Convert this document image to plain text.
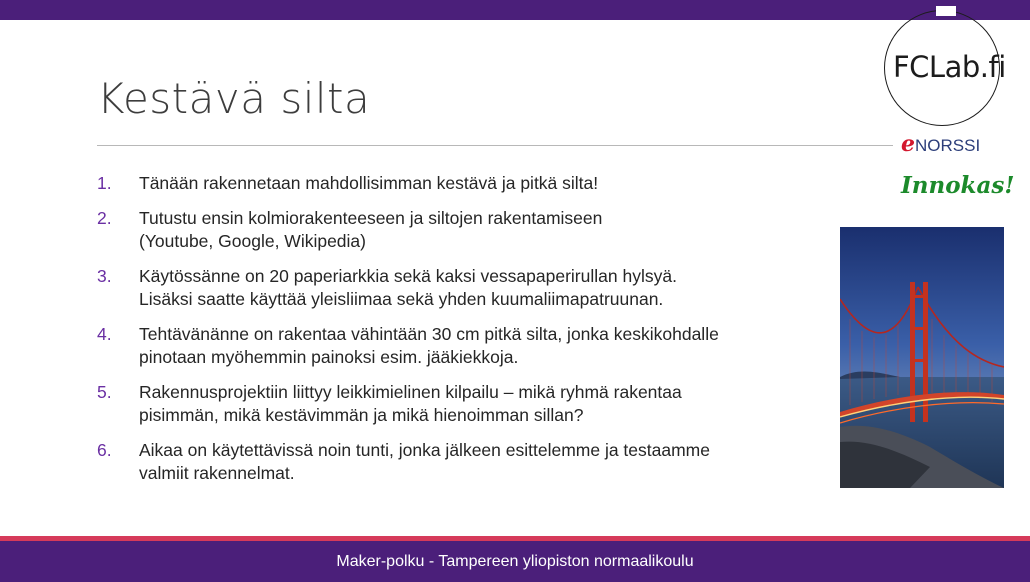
Kestävä silta
FCLab.fi
eNORSSI
Innokas!
1. Tänään rakennetaan mahdollisimman kestävä ja pitkä silta!
2. Tutustu ensin kolmiorakenteeseen ja siltojen rakentamiseen
(Youtube, Google, Wikipedia)
3. Käytössänne on 20 paperiarkkia sekä kaksi vessapaperirullan hylsyä.
Lisäksi saatte käyttää yleisliimaa sekä yhden kuumaliimapatruunan.
4. Tehtävänänne on rakentaa vähintään 30 cm pitkä silta, jonka keskikohdalle
pinotaan myöhemmin painoksi esim. jääkiekkoja.
5. Rakennusprojektiin liittyy leikkimielinen kilpailu – mikä ryhmä rakentaa
pisimmän, mikä kestävimmän ja mikä hienoimman sillan?
6. Aikaa on käytettävissä noin tunti, jonka jälkeen esittelemme ja testaamme
valmiit rakennelmat.
Maker-polku - Tampereen yliopiston normaalikoulu
